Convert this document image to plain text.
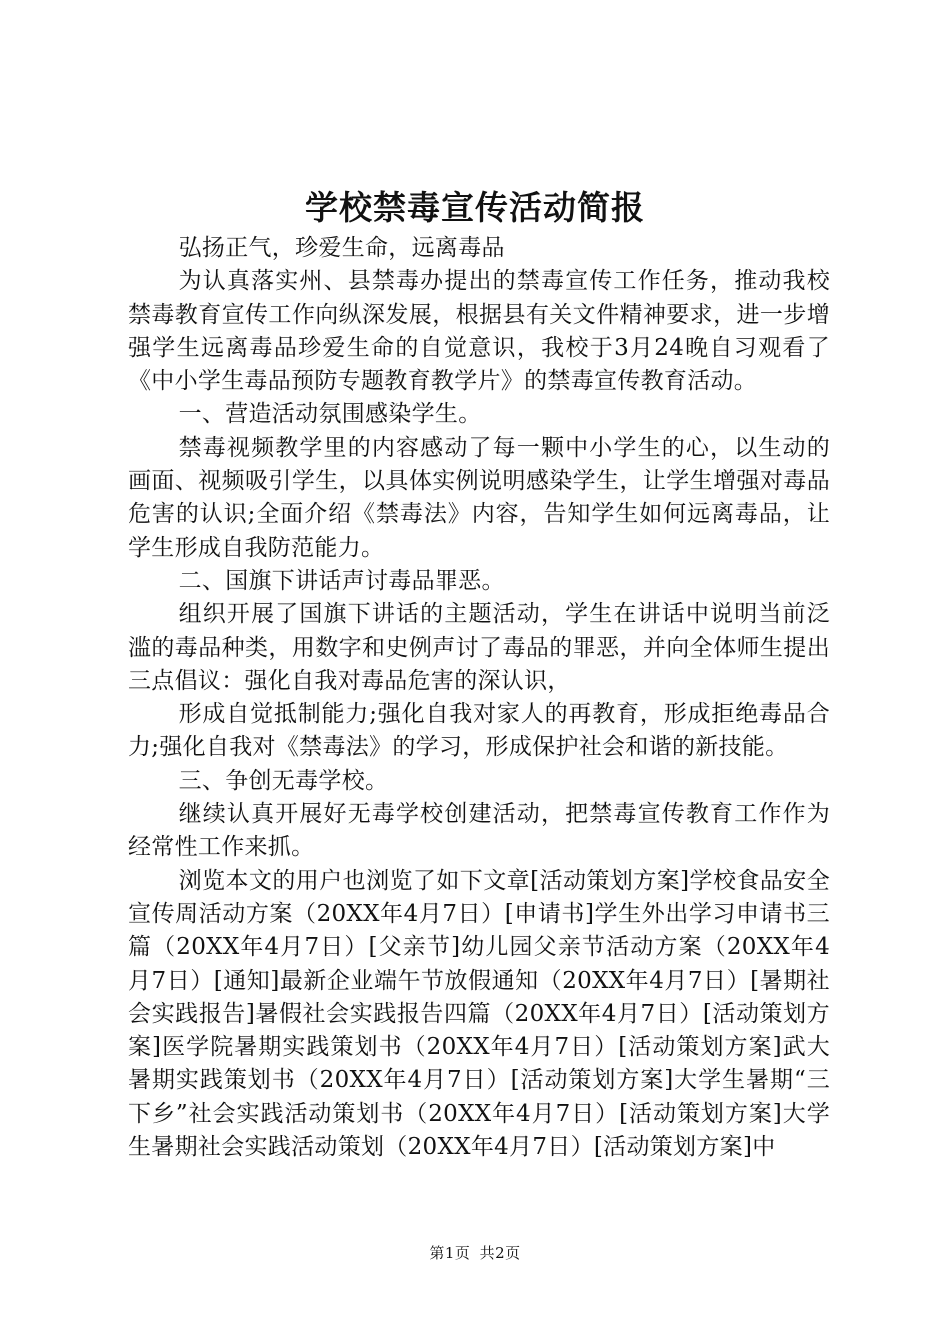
学校禁毒宣传活动简报

弘扬正气，珍爱生命，远离毒品

为认真落实州、县禁毒办提出的禁毒宣传工作任务，推动我校禁毒教育宣传工作向纵深发展，根据县有关文件精神要求，进一步增强学生远离毒品珍爱生命的自觉意识，我校于3月24晚自习观看了《中小学生毒品预防专题教育教学片》的禁毒宣传教育活动。

一、营造活动氛围感染学生。

禁毒视频教学里的内容感动了每一颗中小学生的心，以生动的画面、视频吸引学生，以具体实例说明感染学生，让学生增强对毒品危害的认识;全面介绍《禁毒法》内容，告知学生如何远离毒品，让学生形成自我防范能力。

二、国旗下讲话声讨毒品罪恶。

组织开展了国旗下讲话的主题活动，学生在讲话中说明当前泛滥的毒品种类，用数字和史例声讨了毒品的罪恶，并向全体师生提出三点倡议：强化自我对毒品危害的深认识，

形成自觉抵制能力;强化自我对家人的再教育，形成拒绝毒品合力;强化自我对《禁毒法》的学习，形成保护社会和谐的新技能。

三、争创无毒学校。

继续认真开展好无毒学校创建活动，把禁毒宣传教育工作作为经常性工作来抓。

浏览本文的用户也浏览了如下文章[活动策划方案]学校食品安全宣传周活动方案（20XX年4月7日）[申请书]学生外出学习申请书三篇（20XX年4月7日）[父亲节]幼儿园父亲节活动方案（20XX年4月7日）[通知]最新企业端午节放假通知（20XX年4月7日）[暑期社会实践报告]暑假社会实践报告四篇（20XX年4月7日）[活动策划方案]医学院暑期实践策划书（20XX年4月7日）[活动策划方案]武大暑期实践策划书（20XX年4月7日）[活动策划方案]大学生暑期“三下乡”社会实践活动策划书（20XX年4月7日）[活动策划方案]大学生暑期社会实践活动策划（20XX年4月7日）[活动策划方案]中

第1页 共2页
